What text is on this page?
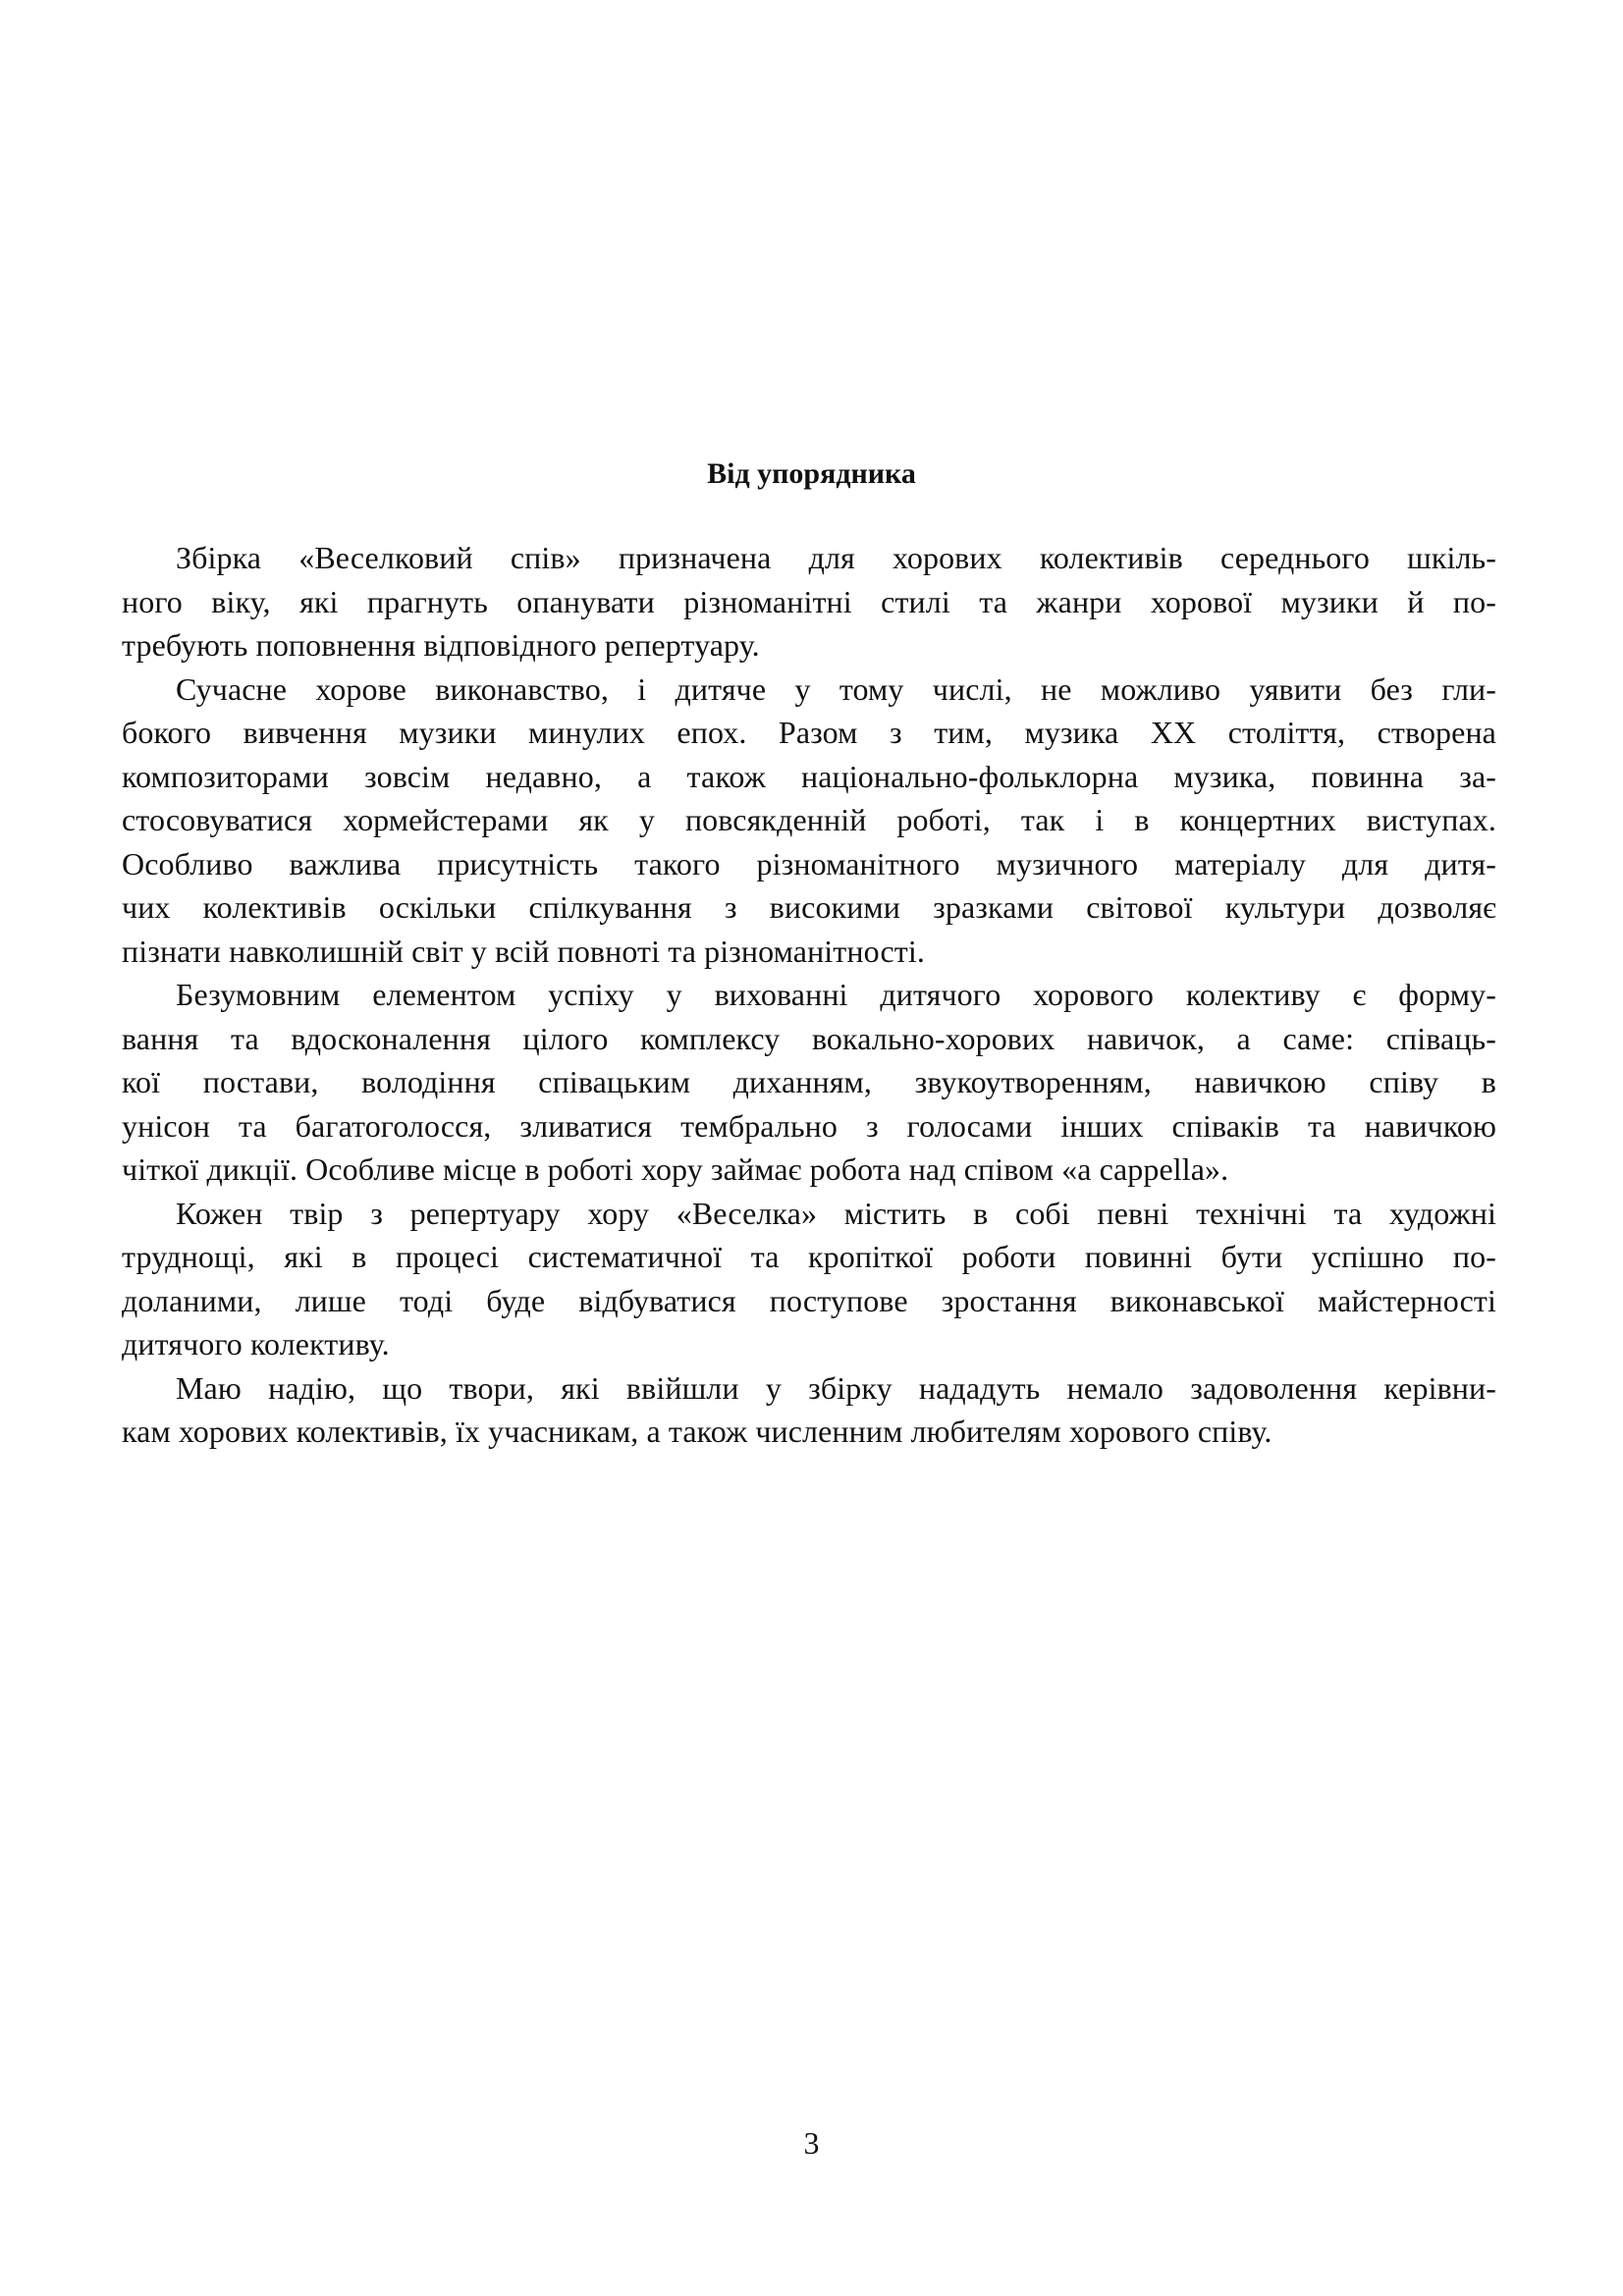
Від упорядника

Збірка «Веселковий спів» призначена для хорових колективів середнього шкіль-
ного віку, які прагнуть опанувати різноманітні стилі та жанри хорової музики й по-
требують поповнення відповідного репертуару.

Сучасне хорове виконавство, і дитяче у тому числі, не можливо уявити без гли-
бокого вивчення музики минулих епох. Разом з тим, музика ХХ століття, створена
композиторами зовсім недавно, а також національно-фольклорна музика, повинна за-
стосовуватися хормейстерами як у повсякденній роботі, так і в концертних виступах.
Особливо важлива присутність такого різноманітного музичного матеріалу для дитя-
чих колективів оскільки спілкування з високими зразками світової культури дозволяє
пізнати навколишній світ у всій повноті та різноманітності.

Безумовним елементом успіху у вихованні дитячого хорового колективу є форму-
вання та вдосконалення цілого комплексу вокально-хорових навичок, а саме: співаць-
кої постави, володіння співацьким диханням, звукоутворенням, навичкою співу в
унісон та багатоголосся, зливатися тембрально з голосами інших співаків та навичкою
чіткої дикції. Особливе місце в роботі хору займає робота над співом «a cappella».

Кожен твір з репертуару хору «Веселка» містить в собі певні технічні та художні
труднощі, які в процесі систематичної та кропіткої роботи повинні бути успішно по-
доланими, лише тоді буде відбуватися поступове зростання виконавської майстерності
дитячого колективу.

Маю надію, що твори, які ввійшли у збірку нададуть немало задоволення керівни-
кам хорових колективів, їх учасникам, а також численним любителям хорового співу.

3
